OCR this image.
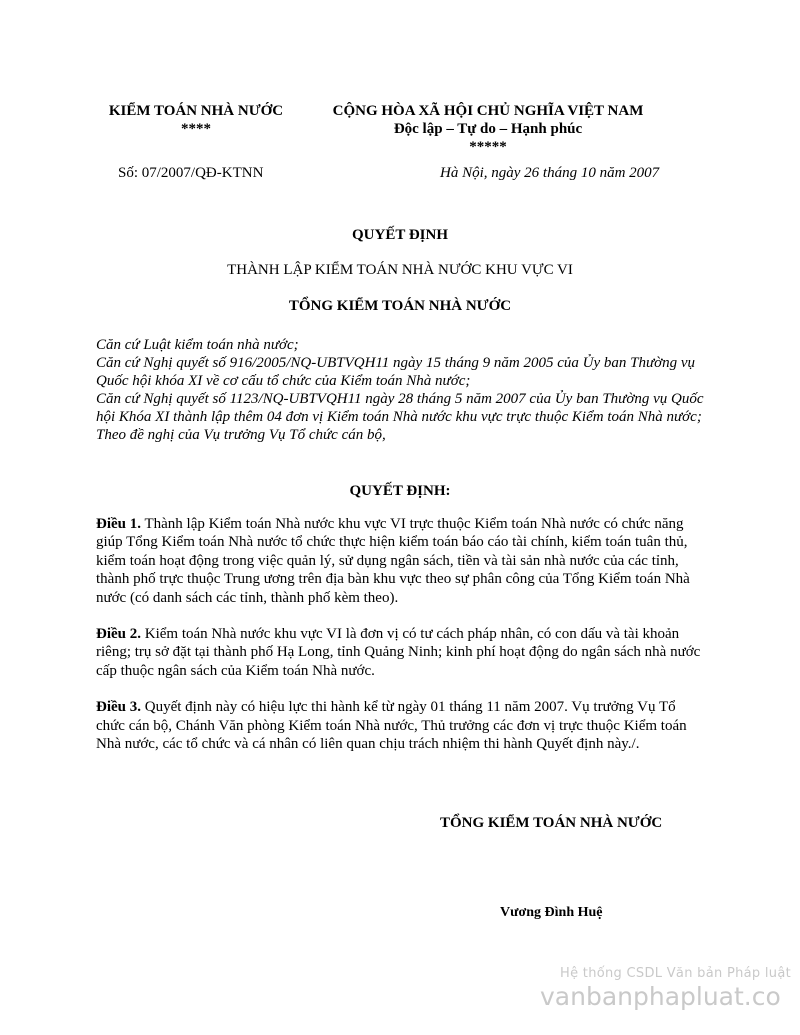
KIỂM TOÁN NHÀ NƯỚC
****
CỘNG HÒA XÃ HỘI CHỦ NGHĨA VIỆT NAM
Độc lập – Tự do – Hạnh phúc
*****
Số: 07/2007/QĐ-KTNN	Hà Nội, ngày 26 tháng 10 năm 2007
QUYẾT ĐỊNH
THÀNH LẬP KIỂM TOÁN NHÀ NƯỚC KHU VỰC VI
TỔNG KIỂM TOÁN NHÀ NƯỚC

Căn cứ Luật kiểm toán nhà nước;

Căn cứ Nghị quyết số 916/2005/NQ-UBTVQH11 ngày 15 tháng 9 năm 2005 của Ủy ban Thường vụ Quốc hội khóa XI về cơ cấu tổ chức của Kiểm toán Nhà nước;

Căn cứ Nghị quyết số 1123/NQ-UBTVQH11 ngày 28 tháng 5 năm 2007 của Ủy ban Thường vụ Quốc hội Khóa XI thành lập thêm 04 đơn vị Kiểm toán Nhà nước khu vực trực thuộc Kiểm toán Nhà nước;

Theo đề nghị của Vụ trưởng Vụ Tổ chức cán bộ,

QUYẾT ĐỊNH:

Điều 1. Thành lập Kiểm toán Nhà nước khu vực VI trực thuộc Kiểm toán Nhà nước có chức năng giúp Tổng Kiểm toán Nhà nước tổ chức thực hiện kiểm toán báo cáo tài chính, kiểm toán tuân thủ, kiểm toán hoạt động trong việc quản lý, sử dụng ngân sách, tiền và tài sản nhà nước của các tỉnh, thành phố trực thuộc Trung ương trên địa bàn khu vực theo sự phân công của Tổng Kiểm toán Nhà nước (có danh sách các tỉnh, thành phố kèm theo).

Điều 2. Kiểm toán Nhà nước khu vực VI là đơn vị có tư cách pháp nhân, có con dấu và tài khoản riêng; trụ sở đặt tại thành phố Hạ Long, tỉnh Quảng Ninh; kinh phí hoạt động do ngân sách nhà nước cấp thuộc ngân sách của Kiểm toán Nhà nước.

Điều 3. Quyết định này có hiệu lực thi hành kể từ ngày 01 tháng 11 năm 2007. Vụ trưởng Vụ Tổ chức cán bộ, Chánh Văn phòng Kiểm toán Nhà nước, Thủ trưởng các đơn vị trực thuộc Kiểm toán Nhà nước, các tổ chức và cá nhân có liên quan chịu trách nhiệm thi hành Quyết định này./.

TỔNG KIỂM TOÁN NHÀ NƯỚC
Vương Đình Huệ
Hệ thống CSDL Văn bản Pháp luật
vanbanphapluat.co
